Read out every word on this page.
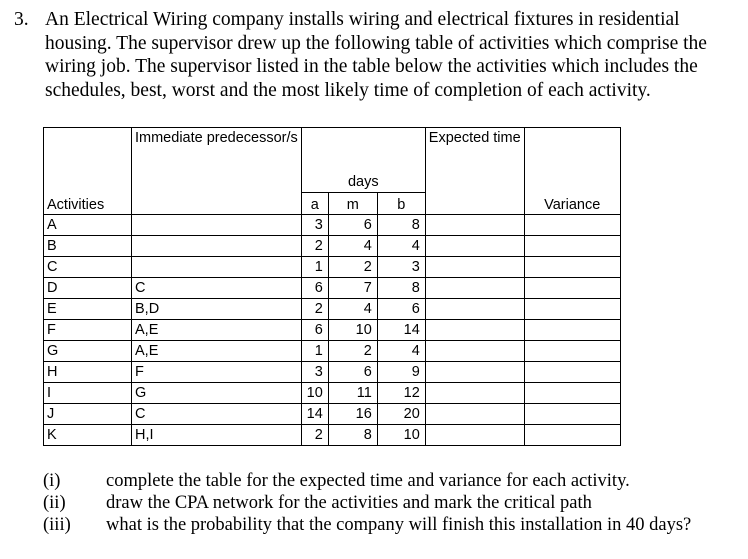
3. An Electrical Wiring company installs wiring and electrical fixtures in residential housing. The supervisor drew up the following table of activities which comprise the wiring job. The supervisor listed in the table below the activities which includes the schedules, best, worst and the most likely time of completion of each activity.
	Immediate predecessor/s	days			Expected time	
Activities		a	m	b		Variance
A		3	6	8		
B		2	4	4		
C		1	2	3		
D	C	6	7	8		
E	B,D	2	4	6		
F	A,E	6	10	14		
G	A,E	1	2	4		
H	F	3	6	9		
I	G	10	11	12		
J	C	14	16	20		
K	H,I	2	8	10		
(i) complete the table for the expected time and variance for each activity.
(ii) draw the CPA network for the activities and mark the critical path
(iii) what is the probability that the company will finish this installation in 40 days?
